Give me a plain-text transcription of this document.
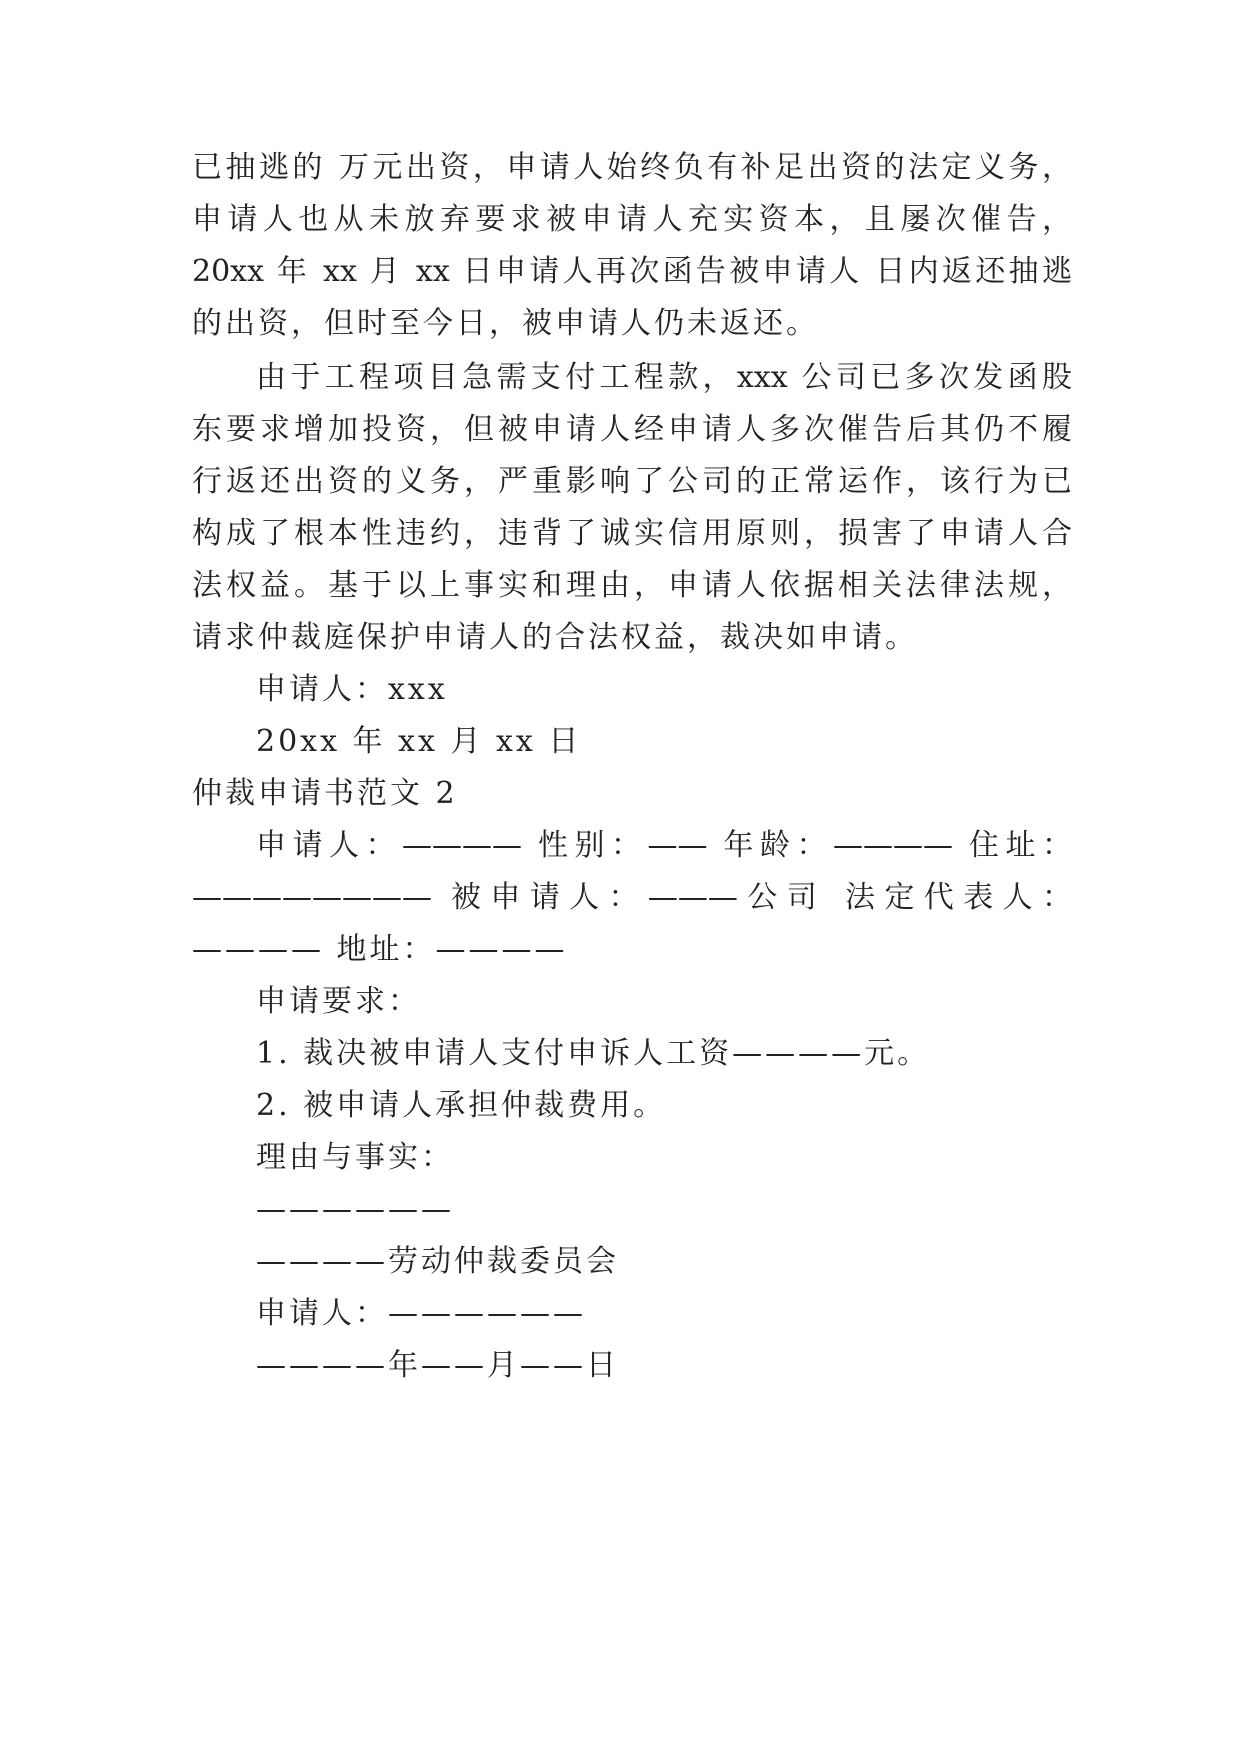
已抽逃的 万元出资，申请人始终负有补足出资的法定义务，
申请人也从未放弃要求被申请人充实资本，且屡次催告，
20xx 年 xx 月 xx 日申请人再次函告被申请人 日内返还抽逃
的出资，但时至今日，被申请人仍未返还。
由于工程项目急需支付工程款，xxx 公司已多次发函股
东要求增加投资，但被申请人经申请人多次催告后其仍不履
行返还出资的义务，严重影响了公司的正常运作，该行为已
构成了根本性违约，违背了诚实信用原则，损害了申请人合
法权益。基于以上事实和理由，申请人依据相关法律法规，
请求仲裁庭保护申请人的合法权益，裁决如申请。
申请人：xxx
20xx 年 xx 月 xx 日
仲裁申请书范文 2
申请人：———— 性别：—— 年龄：———— 住址：
———————— 被申请人：———公司 法定代表人：
———— 地址：————
申请要求：
1. 裁决被申请人支付申诉人工资————元。
2. 被申请人承担仲裁费用。
理由与事实：
——————
————劳动仲裁委员会
申请人：——————
————年——月——日
